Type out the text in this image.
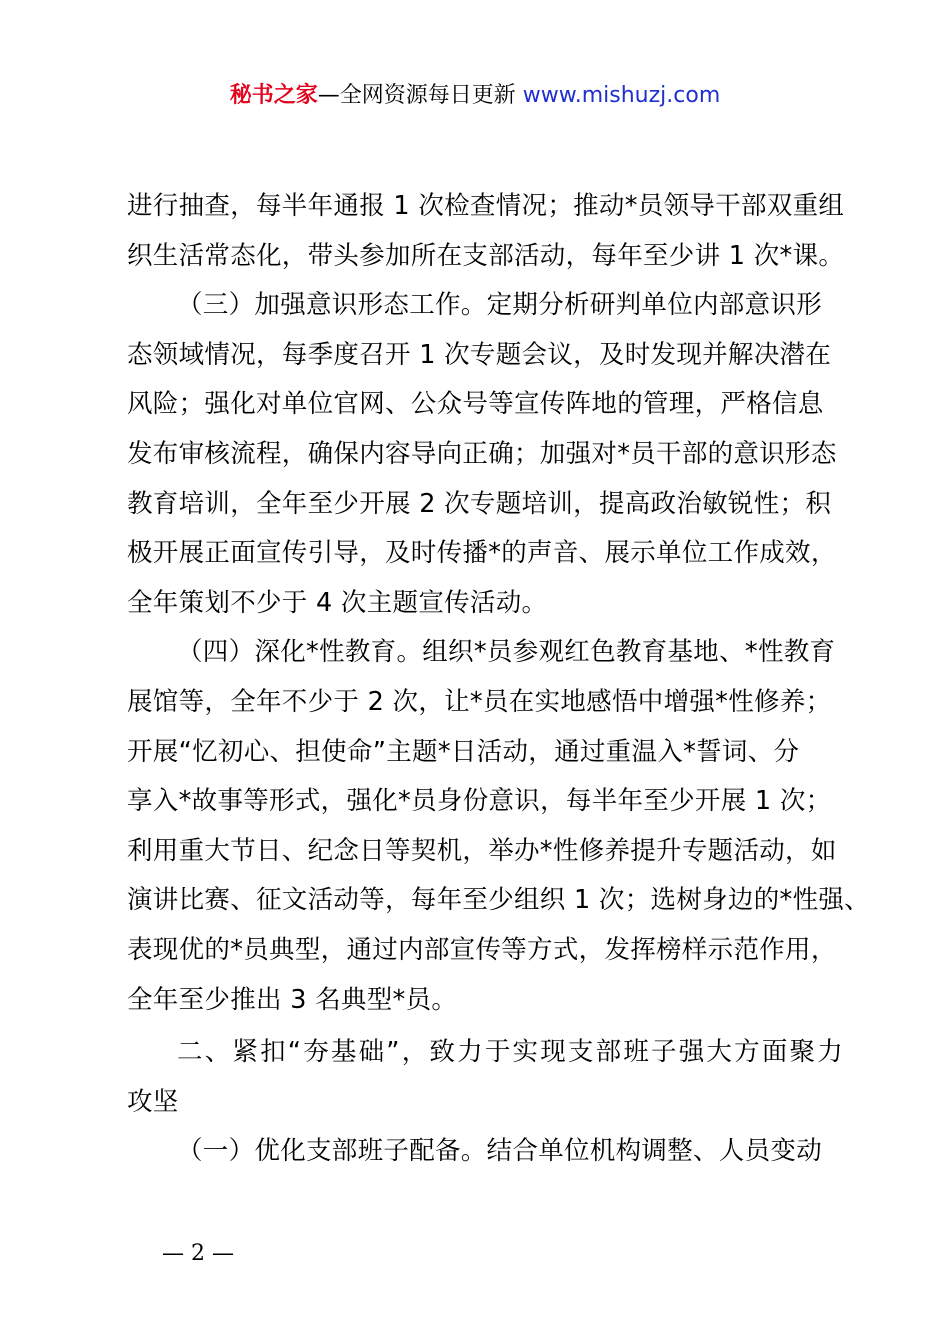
秘书之家—全网资源每日更新 www.mishuzj.com
进行抽查，每半年通报 1 次检查情况；推动*员领导干部双重组
织生活常态化，带头参加所在支部活动，每年至少讲 1 次*课。
（三）加强意识形态工作。定期分析研判单位内部意识形
态领域情况，每季度召开 1 次专题会议，及时发现并解决潜在
风险；强化对单位官网、公众号等宣传阵地的管理，严格信息
发布审核流程，确保内容导向正确；加强对*员干部的意识形态
教育培训，全年至少开展 2 次专题培训，提高政治敏锐性；积
极开展正面宣传引导，及时传播*的声音、展示单位工作成效，
全年策划不少于 4 次主题宣传活动。
（四）深化*性教育。组织*员参观红色教育基地、*性教育
展馆等，全年不少于 2 次，让*员在实地感悟中增强*性修养；
开展“忆初心、担使命”主题*日活动，通过重温入*誓词、分
享入*故事等形式，强化*员身份意识，每半年至少开展 1 次；
利用重大节日、纪念日等契机，举办*性修养提升专题活动，如
演讲比赛、征文活动等，每年至少组织 1 次；选树身边的*性强、
表现优的*员典型，通过内部宣传等方式，发挥榜样示范作用，
全年至少推出 3 名典型*员。
二、紧扣“夯基础”，致力于实现支部班子强大方面聚力
攻坚
（一）优化支部班子配备。结合单位机构调整、人员变动
— 2 —
